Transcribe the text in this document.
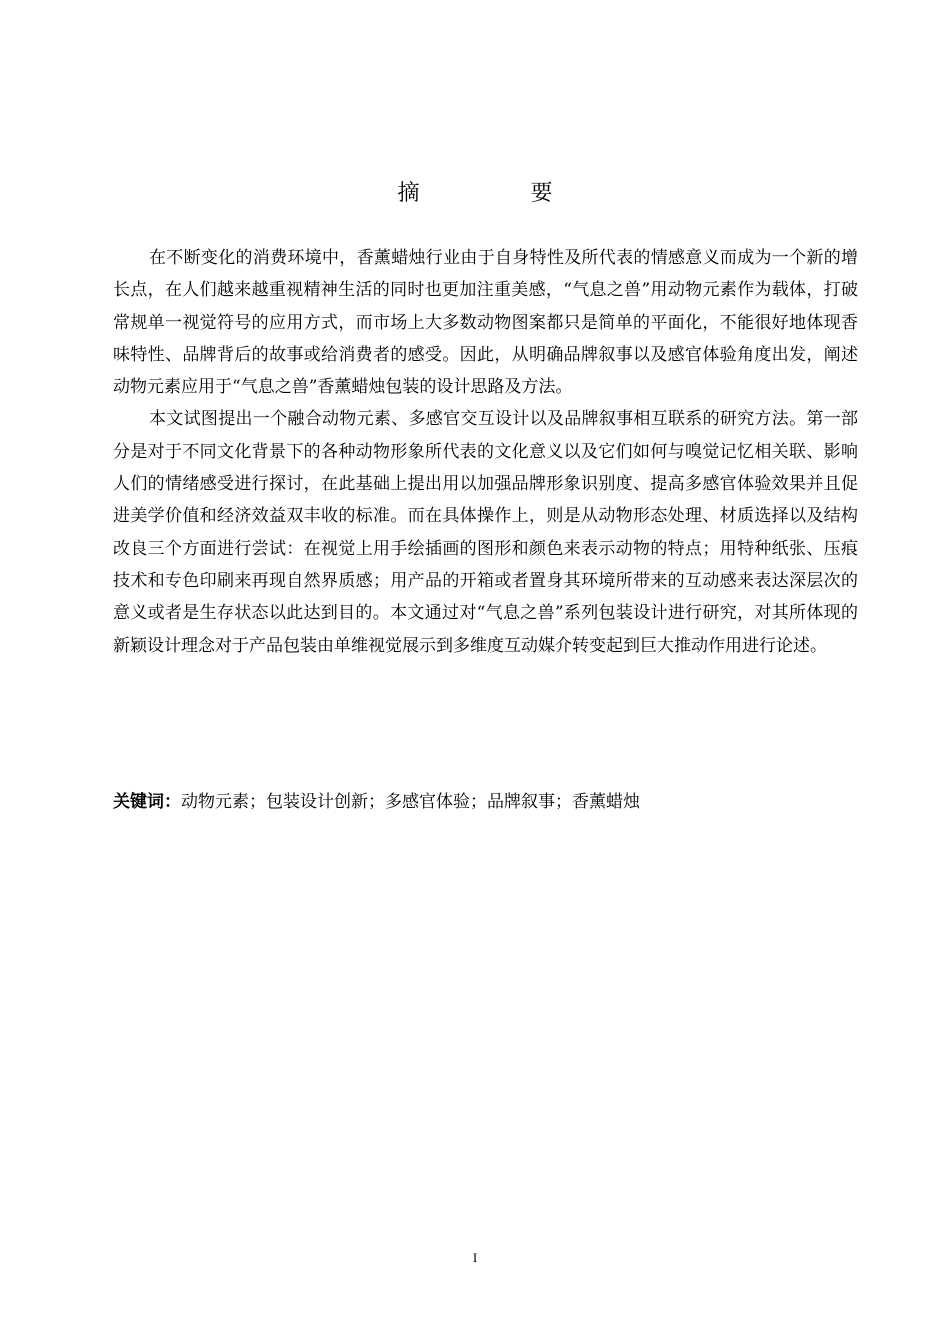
摘 要

在不断变化的消费环境中，香薰蜡烛行业由于自身特性及所代表的情感意义而成为一个新的增长点，在人们越来越重视精神生活的同时也更加注重美感，“气息之兽”用动物元素作为载体，打破常规单一视觉符号的应用方式，而市场上大多数动物图案都只是简单的平面化，不能很好地体现香味特性、品牌背后的故事或给消费者的感受。因此，从明确品牌叙事以及感官体验角度出发，阐述动物元素应用于“气息之兽”香薰蜡烛包装的设计思路及方法。

本文试图提出一个融合动物元素、多感官交互设计以及品牌叙事相互联系的研究方法。第一部分是对于不同文化背景下的各种动物形象所代表的文化意义以及它们如何与嗅觉记忆相关联、影响人们的情绪感受进行探讨，在此基础上提出用以加强品牌形象识别度、提高多感官体验效果并且促进美学价值和经济效益双丰收的标准。而在具体操作上，则是从动物形态处理、材质选择以及结构改良三个方面进行尝试：在视觉上用手绘插画的图形和颜色来表示动物的特点；用特种纸张、压痕技术和专色印刷来再现自然界质感；用产品的开箱或者置身其环境所带来的互动感来表达深层次的意义或者是生存状态以此达到目的。本文通过对“气息之兽”系列包装设计进行研究，对其所体现的新颖设计理念对于产品包装由单维视觉展示到多维度互动媒介转变起到巨大推动作用进行论述。

关键词：动物元素；包装设计创新；多感官体验；品牌叙事；香薰蜡烛
I
